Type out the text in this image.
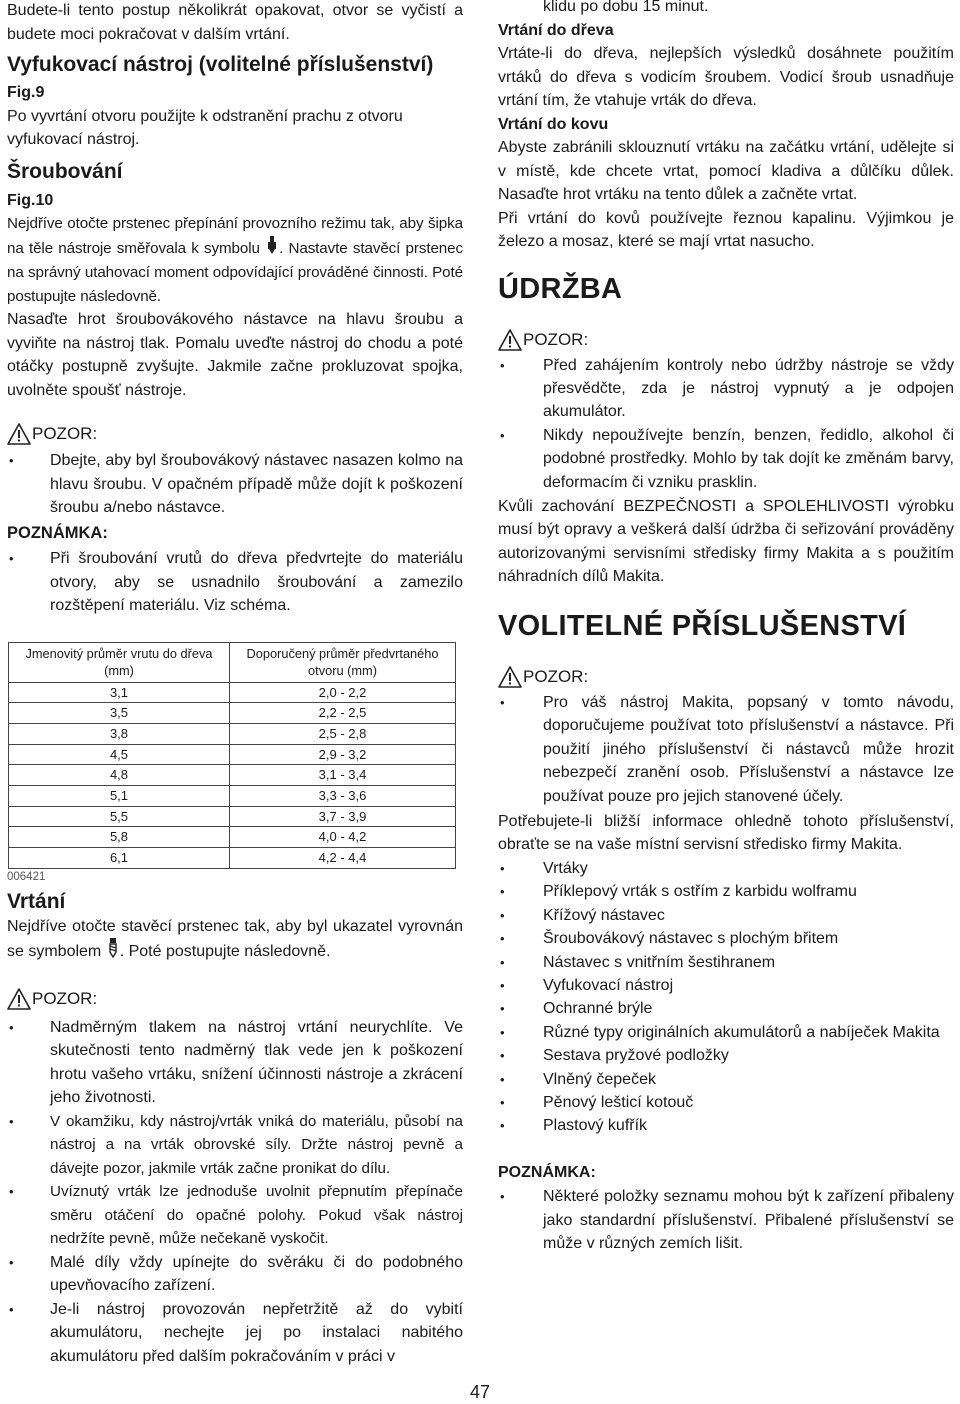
Budete-li tento postup několikrát opakovat, otvor se vyčistí a budete moci pokračovat v dalším vrtání.

Vyfukovací nástroj (volitelné příslušenství)

Fig.9

Po vyvrtání otvoru použijte k odstranění prachu z otvoru vyfukovací nástroj.

Šroubování

Fig.10

Nejdříve otočte prstenec přepínání provozního režimu tak, aby šipka na těle nástroje směřovala k symbolu . Nastavte stavěcí prstenec na správný utahovací moment odpovídající prováděné činnosti. Poté postupujte následovně.

Nasaďte hrot šroubovákového nástavce na hlavu šroubu a vyviňte na nástroj tlak. Pomalu uveďte nástroj do chodu a poté otáčky postupně zvyšujte. Jakmile začne prokluzovat spojka, uvolněte spoušť nástroje.

POZOR:
• Dbejte, aby byl šroubovákový nástavec nasazen kolmo na hlavu šroubu. V opačném případě může dojít k poškození šroubu a/nebo nástavce.

POZNÁMKA:

• Při šroubování vrutů do dřeva předvrtejte do materiálu otvory, aby se usnadnilo šroubování a zamezilo rozštěpení materiálu. Viz schéma.
Jmenovitý průměr vrutu do dřeva (mm)	Doporučený průměr předvrtaného otvoru (mm)
3,1	2,0 - 2,2
3,5	2,2 - 2,5
3,8	2,5 - 2,8
4,5	2,9 - 3,2
4,8	3,1 - 3,4
5,1	3,3 - 3,6
5,5	3,7 - 3,9
5,8	4,0 - 4,2
6,1	4,2 - 4,4
006421

Vrtání

Nejdříve otočte stavěcí prstenec tak, aby byl ukazatel vyrovnán se symbolem . Poté postupujte následovně.

POZOR:
• Nadměrným tlakem na nástroj vrtání neurychlíte. Ve skutečnosti tento nadměrný tlak vede jen k poškození hrotu vašeho vrtáku, snížení účinnosti nástroje a zkrácení jeho životnosti.
• V okamžiku, kdy nástroj/vrták vniká do materiálu, působí na nástroj a na vrták obrovské síly. Držte nástroj pevně a dávejte pozor, jakmile vrták začne pronikat do dílu.
• Uvíznutý vrták lze jednoduše uvolnit přepnutím přepínače směru otáčení do opačné polohy. Pokud však nástroj nedržíte pevně, může nečekaně vyskočit.
• Malé díly vždy upínejte do svěráku či do podobného upevňovacího zařízení.
• Je-li nástroj provozován nepřetržitě až do vybití akumulátoru, nechejte jej po instalaci nabitého akumulátoru před dalším pokračováním v práci v

klidu po dobu 15 minut.

Vrtání do dřeva

Vrtáte-li do dřeva, nejlepších výsledků dosáhnete použitím vrtáků do dřeva s vodicím šroubem. Vodicí šroub usnadňuje vrtání tím, že vtahuje vrták do dřeva.

Vrtání do kovu

Abyste zabránili sklouznutí vrtáku na začátku vrtání, udělejte si v místě, kde chcete vrtat, pomocí kladiva a důlčíku důlek. Nasaďte hrot vrtáku na tento důlek a začněte vrtat.

Při vrtání do kovů používejte řeznou kapalinu. Výjimkou je železo a mosaz, které se mají vrtat nasucho.

ÚDRŽBA

POZOR:
• Před zahájením kontroly nebo údržby nástroje se vždy přesvědčte, zda je nástroj vypnutý a je odpojen akumulátor.
• Nikdy nepoužívejte benzín, benzen, ředidlo, alkohol či podobné prostředky. Mohlo by tak dojít ke změnám barvy, deformacím či vzniku prasklin.

Kvůli zachování BEZPEČNOSTI a SPOLEHLIVOSTI výrobku musí být opravy a veškerá další údržba či seřizování prováděny autorizovanými servisními středisky firmy Makita a s použitím náhradních dílů Makita.

VOLITELNÉ PŘÍSLUŠENSTVÍ

POZOR:
• Pro váš nástroj Makita, popsaný v tomto návodu, doporučujeme používat toto příslušenství a nástavce. Při použití jiného příslušenství či nástavců může hrozit nebezpečí zranění osob. Příslušenství a nástavce lze používat pouze pro jejich stanovené účely.

Potřebujete-li bližší informace ohledně tohoto příslušenství, obraťte se na vaše místní servisní středisko firmy Makita.

• Vrtáky
• Příklepový vrták s ostřím z karbidu wolframu
• Křížový nástavec
• Šroubovákový nástavec s plochým břitem
• Nástavec s vnitřním šestihranem
• Vyfukovací nástroj
• Ochranné brýle
• Různé typy originálních akumulátorů a nabíječek Makita
• Sestava pryžové podložky
• Vlněný čepeček
• Pěnový lešticí kotouč
• Plastový kufřík

POZNÁMKA:

• Některé položky seznamu mohou být k zařízení přibaleny jako standardní příslušenství. Přibalené příslušenství se může v různých zemích lišit.
47
